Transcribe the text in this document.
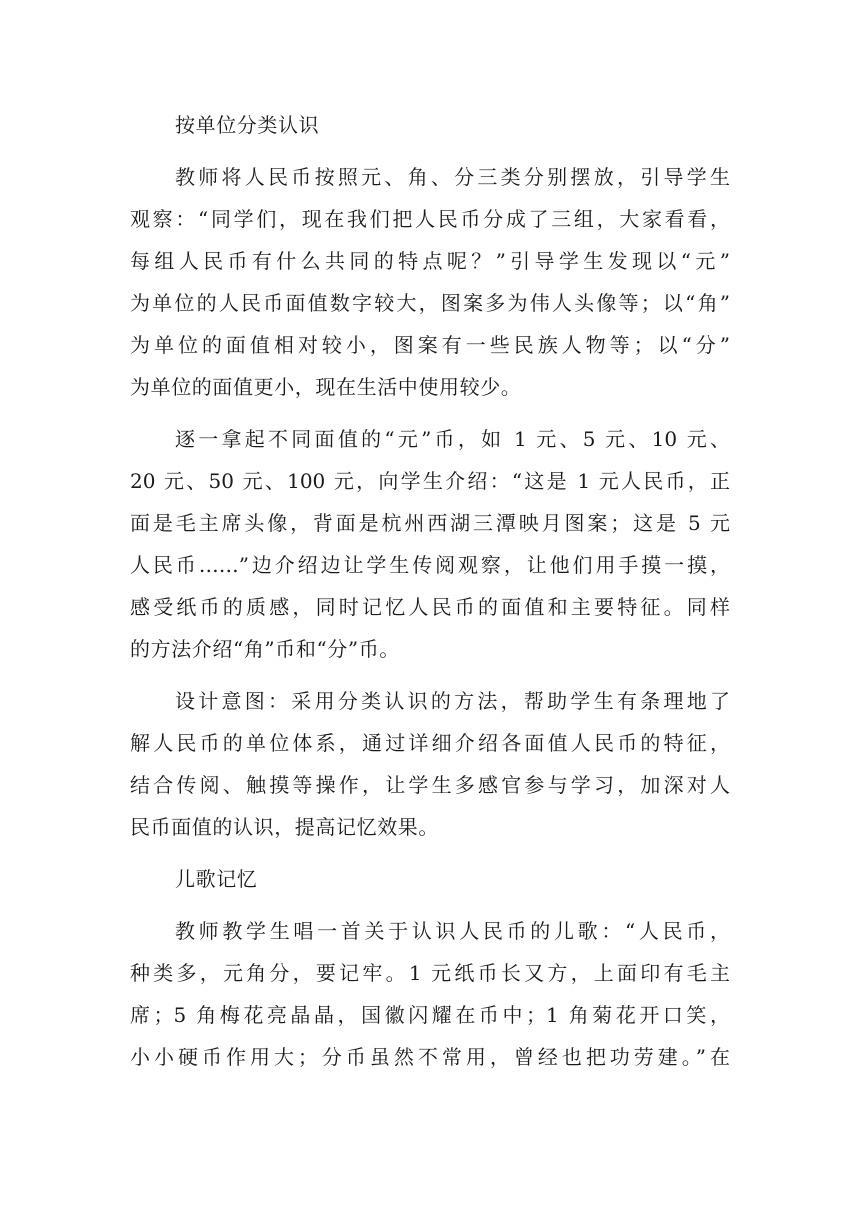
按单位分类认识
教师将人民币按照元、角、分三类分别摆放，引导学生
观察：“同学们，现在我们把人民币分成了三组，大家看看，
每组人民币有什么共同的特点呢？”引导学生发现以“元”
为单位的人民币面值数字较大，图案多为伟人头像等；以“角”
为单位的面值相对较小，图案有一些民族人物等；以“分”
为单位的面值更小，现在生活中使用较少。
逐一拿起不同面值的“元”币，如 1 元、5 元、10 元、
20 元、50 元、100 元，向学生介绍：“这是 1 元人民币，正
面是毛主席头像，背面是杭州西湖三潭映月图案；这是 5 元
人民币……”边介绍边让学生传阅观察，让他们用手摸一摸，
感受纸币的质感，同时记忆人民币的面值和主要特征。同样
的方法介绍“角”币和“分”币。
设计意图：采用分类认识的方法，帮助学生有条理地了
解人民币的单位体系，通过详细介绍各面值人民币的特征，
结合传阅、触摸等操作，让学生多感官参与学习，加深对人
民币面值的认识，提高记忆效果。
儿歌记忆
教师教学生唱一首关于认识人民币的儿歌：“人民币，
种类多，元角分，要记牢。1 元纸币长又方，上面印有毛主
席；5 角梅花亮晶晶，国徽闪耀在币中；1 角菊花开口笑，
小小硬币作用大；分币虽然不常用，曾经也把功劳建。”在
